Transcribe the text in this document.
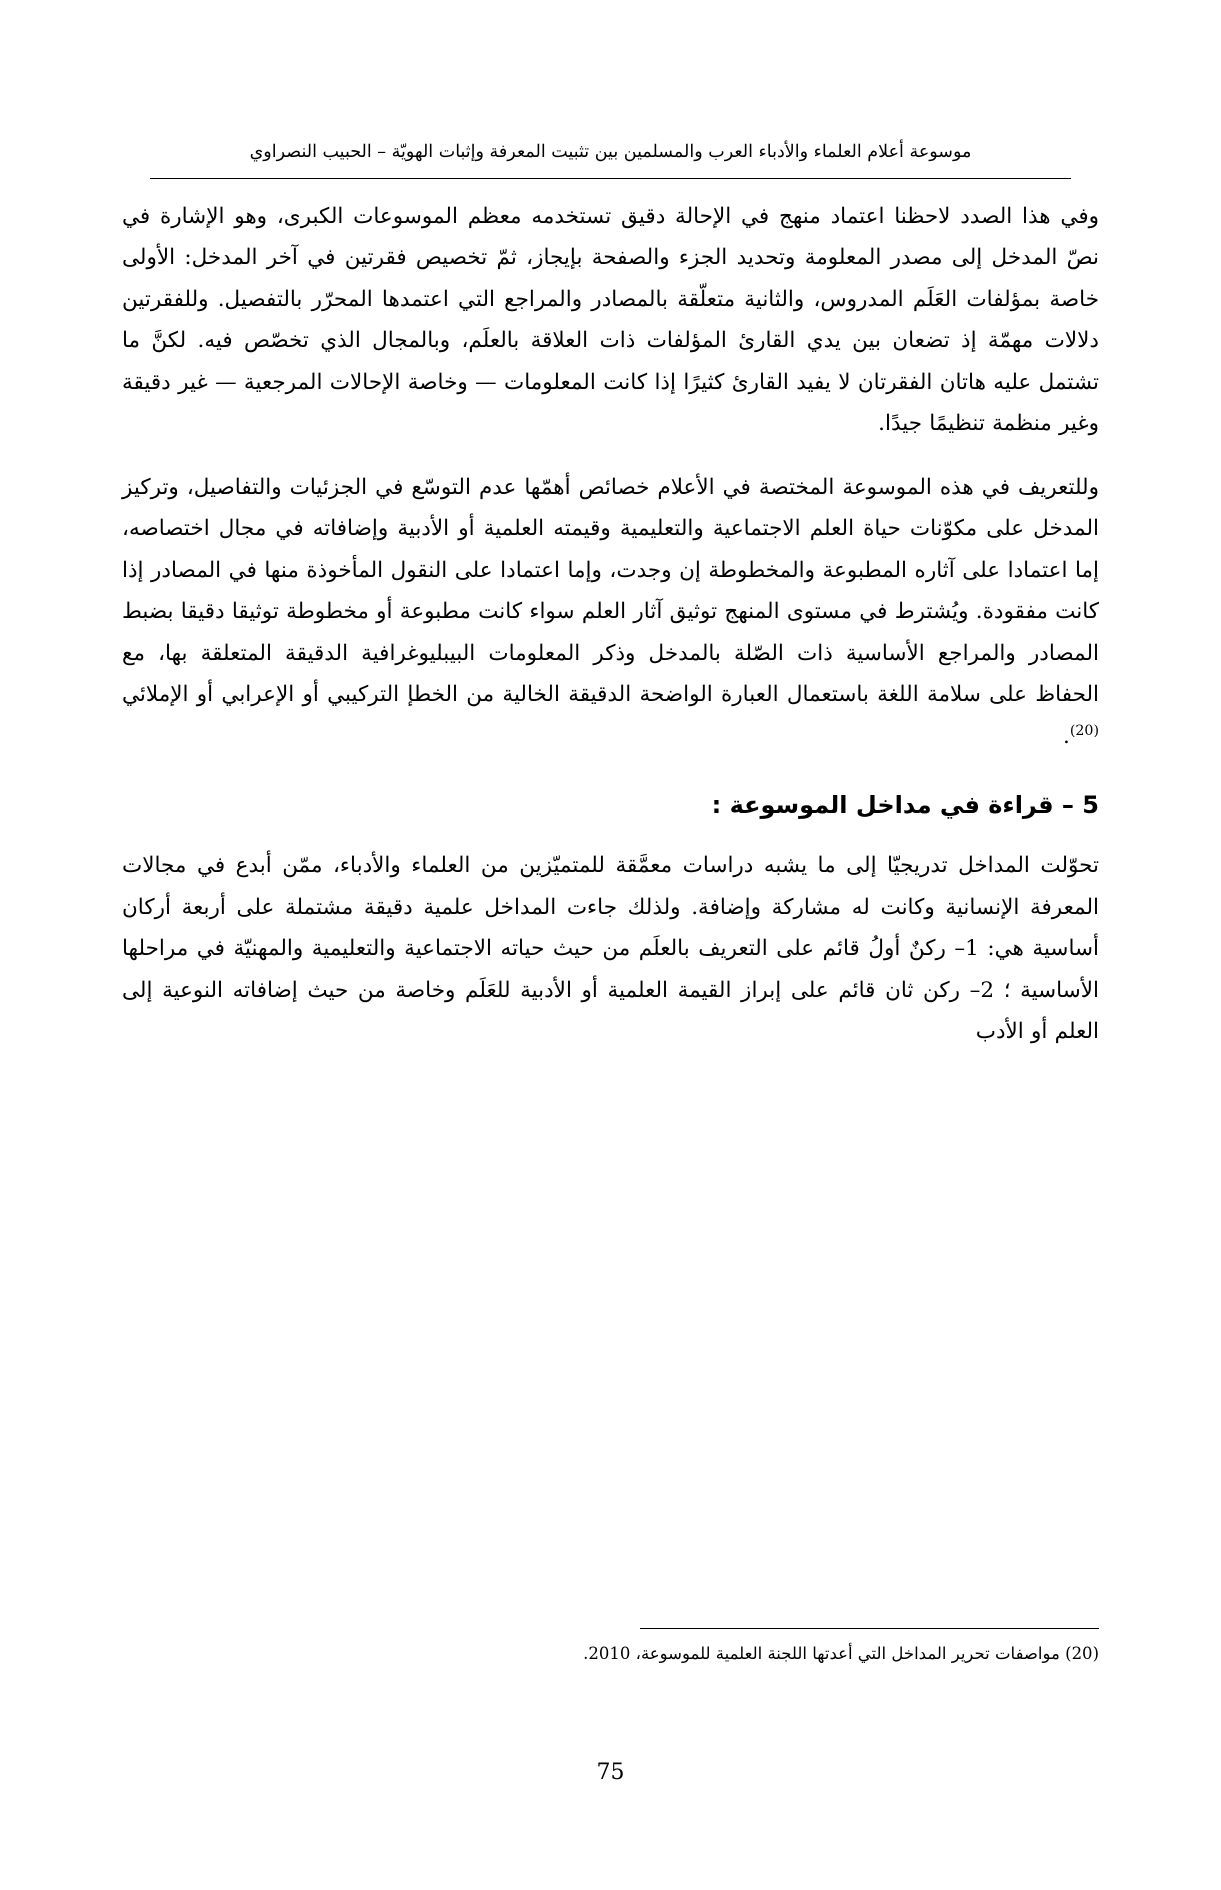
موسوعة أعلام العلماء والأدباء العرب والمسلمين بين تثبيت المعرفة وإثبات الهويّة – الحبيب النصراوي

وفي هذا الصدد لاحظنا اعتماد منهج في الإحالة دقيق تستخدمه معظم الموسوعات الكبرى، وهو الإشارة في نصّ المدخل إلى مصدر المعلومة وتحديد الجزء والصفحة بإيجاز، ثمّ تخصيص فقرتين في آخر المدخل: الأولى خاصة بمؤلفات العَلَم المدروس، والثانية متعلّقة بالمصادر والمراجع التي اعتمدها المحرّر بالتفصيل. وللفقرتين دلالات مهمّة إذ تضعان بين يدي القارئ المؤلفات ذات العلاقة بالعلَم، وبالمجال الذي تخصّص فيه. لكنَّ ما تشتمل عليه هاتان الفقرتان لا يفيد القارئ كثيرًا إذا كانت المعلومات — وخاصة الإحالات المرجعية — غير دقيقة وغير منظمة تنظيمًا جيدًا.

وللتعريف في هذه الموسوعة المختصة في الأعلام خصائص أهمّها عدم التوسّع في الجزئيات والتفاصيل، وتركيز المدخل على مكوّنات حياة العلم الاجتماعية والتعليمية وقيمته العلمية أو الأدبية وإضافاته في مجال اختصاصه، إما اعتمادا على آثاره المطبوعة والمخطوطة إن وجدت، وإما اعتمادا على النقول المأخوذة منها في المصادر إذا كانت مفقودة. ويُشترط في مستوى المنهج توثيق آثار العلم سواء كانت مطبوعة أو مخطوطة توثيقا دقيقا بضبط المصادر والمراجع الأساسية ذات الصّلة بالمدخل وذكر المعلومات البيبليوغرافية الدقيقة المتعلقة بها، مع الحفاظ على سلامة اللغة باستعمال العبارة الواضحة الدقيقة الخالية من الخطإ التركيبي أو الإعرابي أو الإملائي $^{(20)}$.

5 – قراءة في مداخل الموسوعة :

تحوّلت المداخل تدريجيّا إلى ما يشبه دراسات معمَّقة للمتميّزين من العلماء والأدباء، ممّن أبدع في مجالات المعرفة الإنسانية وكانت له مشاركة وإضافة. ولذلك جاءت المداخل علمية دقيقة مشتملة على أربعة أركان أساسية هي: 1– ركنٌ أولُ قائم على التعريف بالعلَم من حيث حياته الاجتماعية والتعليمية والمهنيّة في مراحلها الأساسية ؛ 2– ركن ثان قائم على إبراز القيمة العلمية أو الأدبية للعَلَم وخاصة من حيث إضافاته النوعية إلى العلم أو الأدب

(20) مواصفات تحرير المداخل التي أعدتها اللجنة العلمية للموسوعة، 2010.
75
